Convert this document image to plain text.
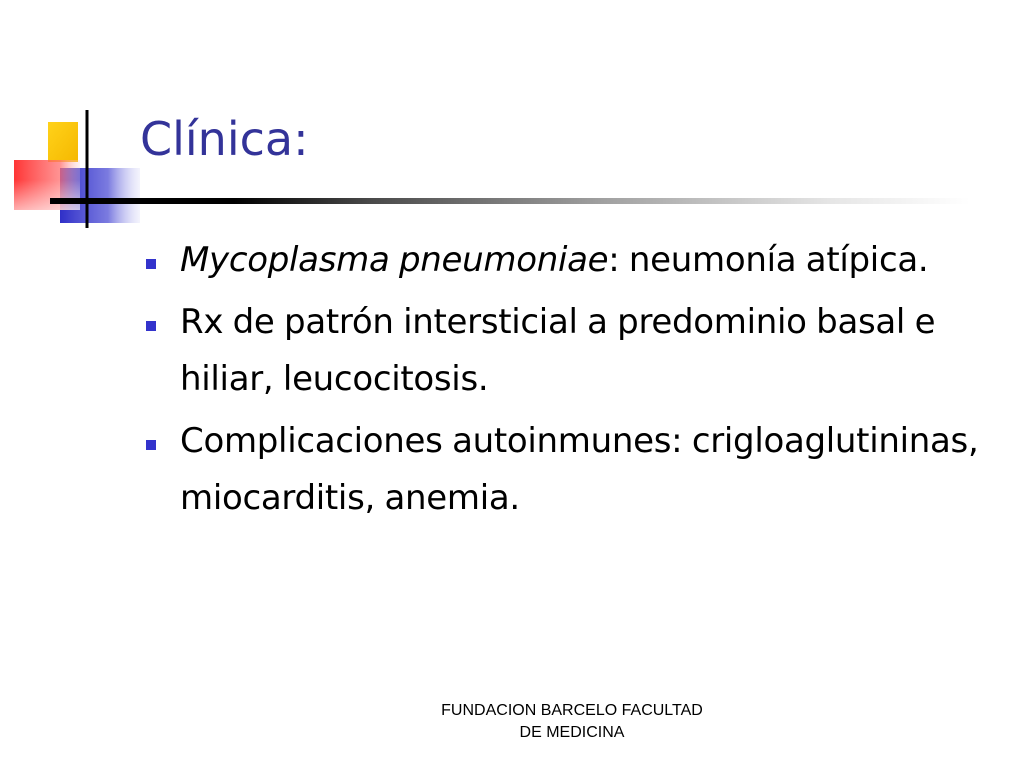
Clínica:
Mycoplasma pneumoniae: neumonía atípica.
Rx de patrón intersticial a predominio basal e hiliar, leucocitosis.
Complicaciones autoinmunes: crigloaglutininas, miocarditis, anemia.
FUNDACION BARCELO FACULTAD
DE MEDICINA
